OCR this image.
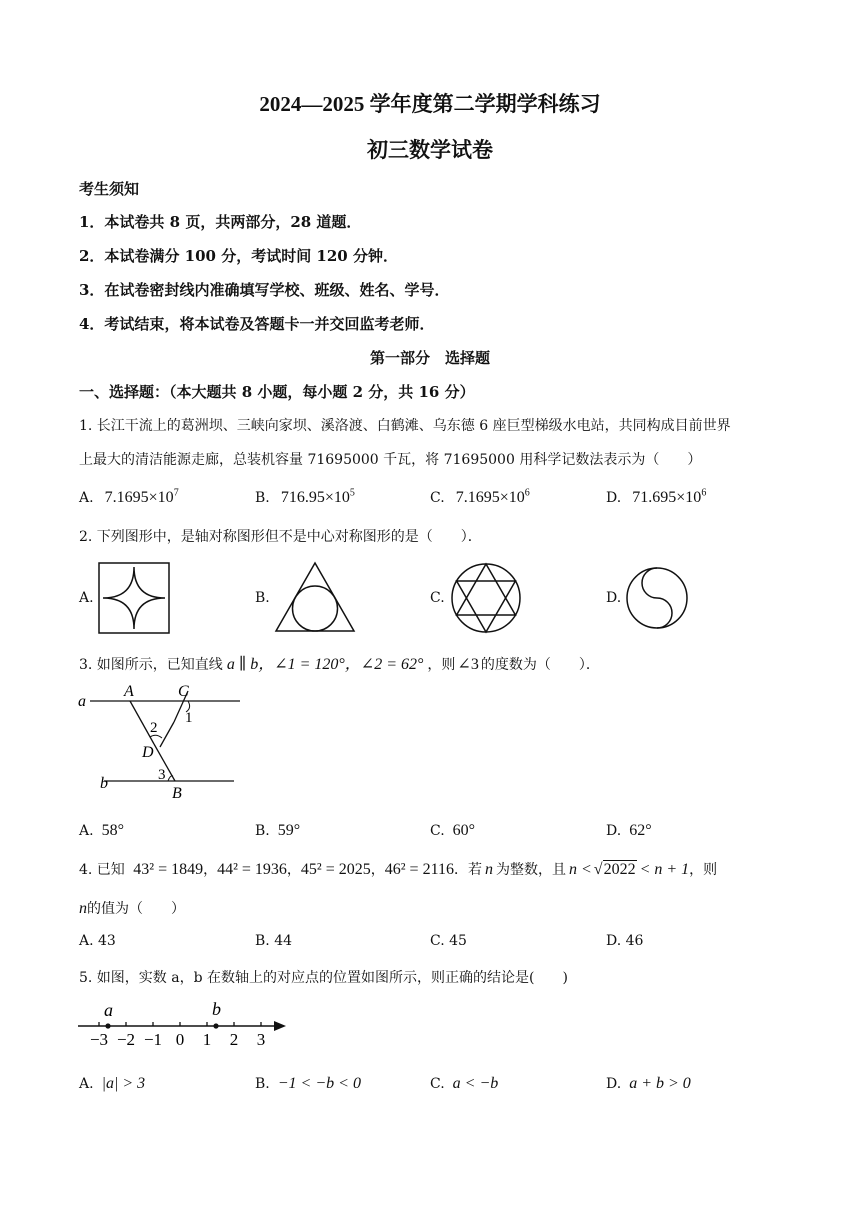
2024—2025 学年度第二学期学科练习
初三数学试卷
考生须知
1．本试卷共 8 页，共两部分，28 道题．
2．本试卷满分 100 分，考试时间 120 分钟．
3．在试卷密封线内准确填写学校、班级、姓名、学号．
4．考试结束，将本试卷及答题卡一并交回监考老师．
第一部分　选择题
一、选择题：（本大题共 8 小题，每小题 2 分，共 16 分）
1. 长江干流上的葛洲坝、三峡向家坝、溪洛渡、白鹤滩、乌东德 6 座巨型梯级水电站，共同构成目前世界
上最大的清洁能源走廊，总装机容量 71695000 千瓦，将 71695000 用科学记数法表示为（　　）
A. $7.1695\times 10^7$	B. $716.95\times 10^5$	C. $7.1695\times 10^6$	D. $71.695\times 10^6$
2. 下列图形中，是轴对称图形但不是中心对称图形的是（　　）．
A.	B.	C.	D.
3. 如图所示，已知直线 a ∥ b，∠1 = 120°，∠2 = 62° ，则 ∠3 的度数为（　　）．
a
A	C
1
2
D
3
b
B
A. 58°	B. 59°	C. 60°	D. 62°
4. 已知 43² = 1849，44² = 1936，45² = 2025，46² = 2116．若 n 为整数，且 n < √2022 < n + 1，则
n的值为（　　）
A. 43	B. 44	C. 45	D. 46
5. 如图，实数 a，b 在数轴上的对应点的位置如图所示，则正确的结论是(　　)
−3 −2 −1 0 1 2 3
a	b
A. |a| > 3	B. −1 < −b < 0	C. a < −b	D. a + b > 0
